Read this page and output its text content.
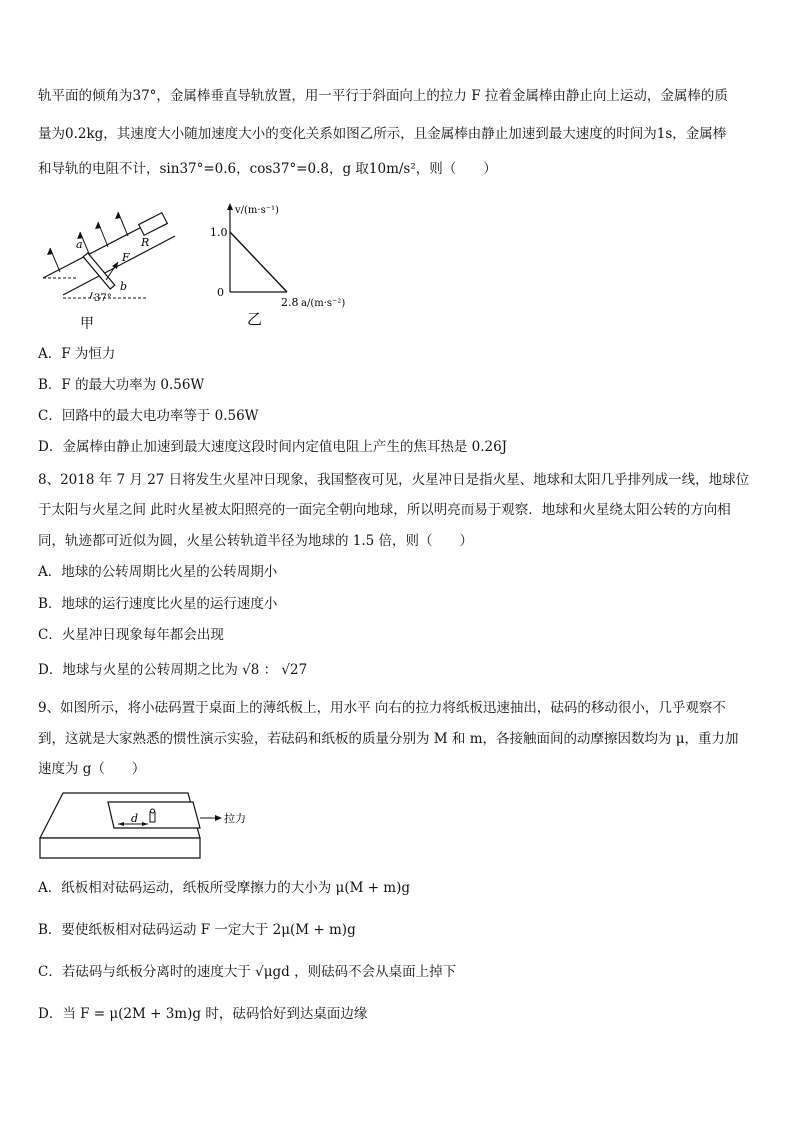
轨平面的倾角为37°，金属棒垂直导轨放置，用一平行于斜面向上的拉力 F 拉着金属棒由静止向上运动，金属棒的质
量为0.2kg，其速度大小随加速度大小的变化关系如图乙所示，且金属棒由静止加速到最大速度的时间为1s，金属棒
和导轨的电阻不计，sin37°=0.6，cos37°=0.8，g 取10m/s²，则（　　）
a
b
R
F
37°
甲
v/(m·s⁻¹)
1.0
0
2.8 a/(m·s⁻²)
乙
A．F 为恒力
B．F 的最大功率为 0.56W
C．回路中的最大电功率等于 0.56W
D．金属棒由静止加速到最大速度这段时间内定值电阻上产生的焦耳热是 0.26J
8、2018 年 7 月 27 日将发生火星冲日现象，我国整夜可见，火星冲日是指火星、地球和太阳几乎排列成一线，地球位
于太阳与火星之间 此时火星被太阳照亮的一面完全朝向地球，所以明亮而易于观察．地球和火星绕太阳公转的方向相
同，轨迹都可近似为圆，火星公转轨道半径为地球的 1.5 倍，则（　　）
A．地球的公转周期比火星的公转周期小
B．地球的运行速度比火星的运行速度小
C．火星冲日现象每年都会出现
D．地球与火星的公转周期之比为 √8 ： √27
9、如图所示，将小砝码置于桌面上的薄纸板上，用水平 向右的拉力将纸板迅速抽出，砝码的移动很小，几乎观察不
到，这就是大家熟悉的惯性演示实验，若砝码和纸板的质量分别为 M 和 m，各接触面间的动摩擦因数均为 μ，重力加
速度为 g（　　）
d	拉力
A．纸板相对砝码运动，纸板所受摩擦力的大小为 μ(M + m)g
B．要使纸板相对砝码运动 F 一定大于 2μ(M + m)g
C．若砝码与纸板分离时的速度大于 √μgd ，则砝码不会从桌面上掉下
D．当 F = μ(2M + 3m)g 时，砝码恰好到达桌面边缘
